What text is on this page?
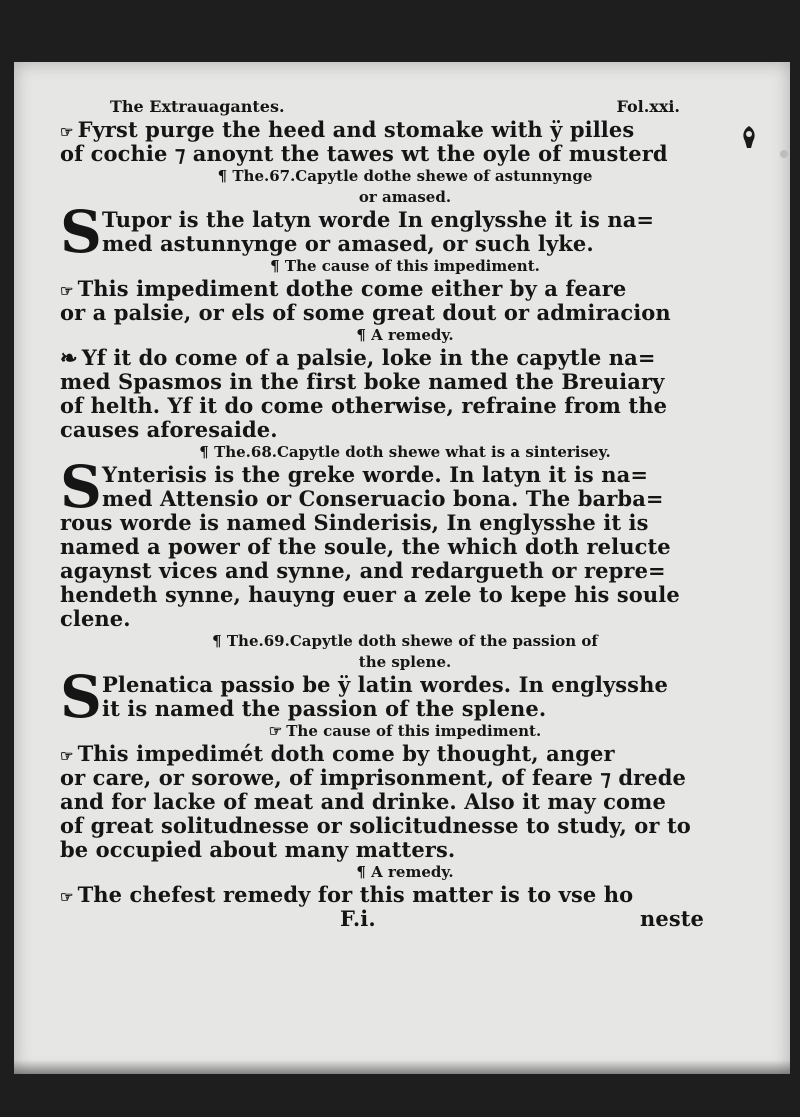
The Extrauagantes.	Fol.xxi.
☞ Fyrst purge the heed and stomake with ÿ pilles
of cochie ⁊ anoynt the tawes wt the oyle of musterd
¶ The.67.Capytle dothe shewe of astunnynge
or amased.
S Tupor is the latyn worde In englysshe it is na=
med astunnynge or amased, or such lyke.
¶ The cause of this impediment.
☞ This impediment dothe come either by a feare
or a palsie, or els of some great dout or admiracion
¶ A remedy.
❧ Yf it do come of a palsie, loke in the capytle na=
med Spasmos in the first boke named the Breuiary
of helth. Yf it do come otherwise, refraine from the
causes aforesaide.
¶ The.68.Capytle doth shewe what is a sinterisey.
S Ynterisis is the greke worde. In latyn it is na=
med Attensio or Conseruacio bona. The barba=
rous worde is named Sinderisis, In englysshe it is
named a power of the soule, the which doth relucte
agaynst vices and synne, and redargueth or repre=
hendeth synne, hauyng euer a zele to kepe his soule
clene.
¶ The.69.Capytle doth shewe of the passion of
the splene.
S Plenatica passio be ÿ latin wordes. In englysshe
it is named the passion of the splene.
☞ The cause of this impediment.
☞ This impedimét doth come by thought, anger
or care, or sorowe, of imprisonment, of feare ⁊ drede
and for lacke of meat and drinke. Also it may come
of great solitudnesse or solicitudnesse to study, or to
be occupied about many matters.
¶ A remedy.
☞ The chefest remedy for this matter is to vse ho
F.i.	neste
